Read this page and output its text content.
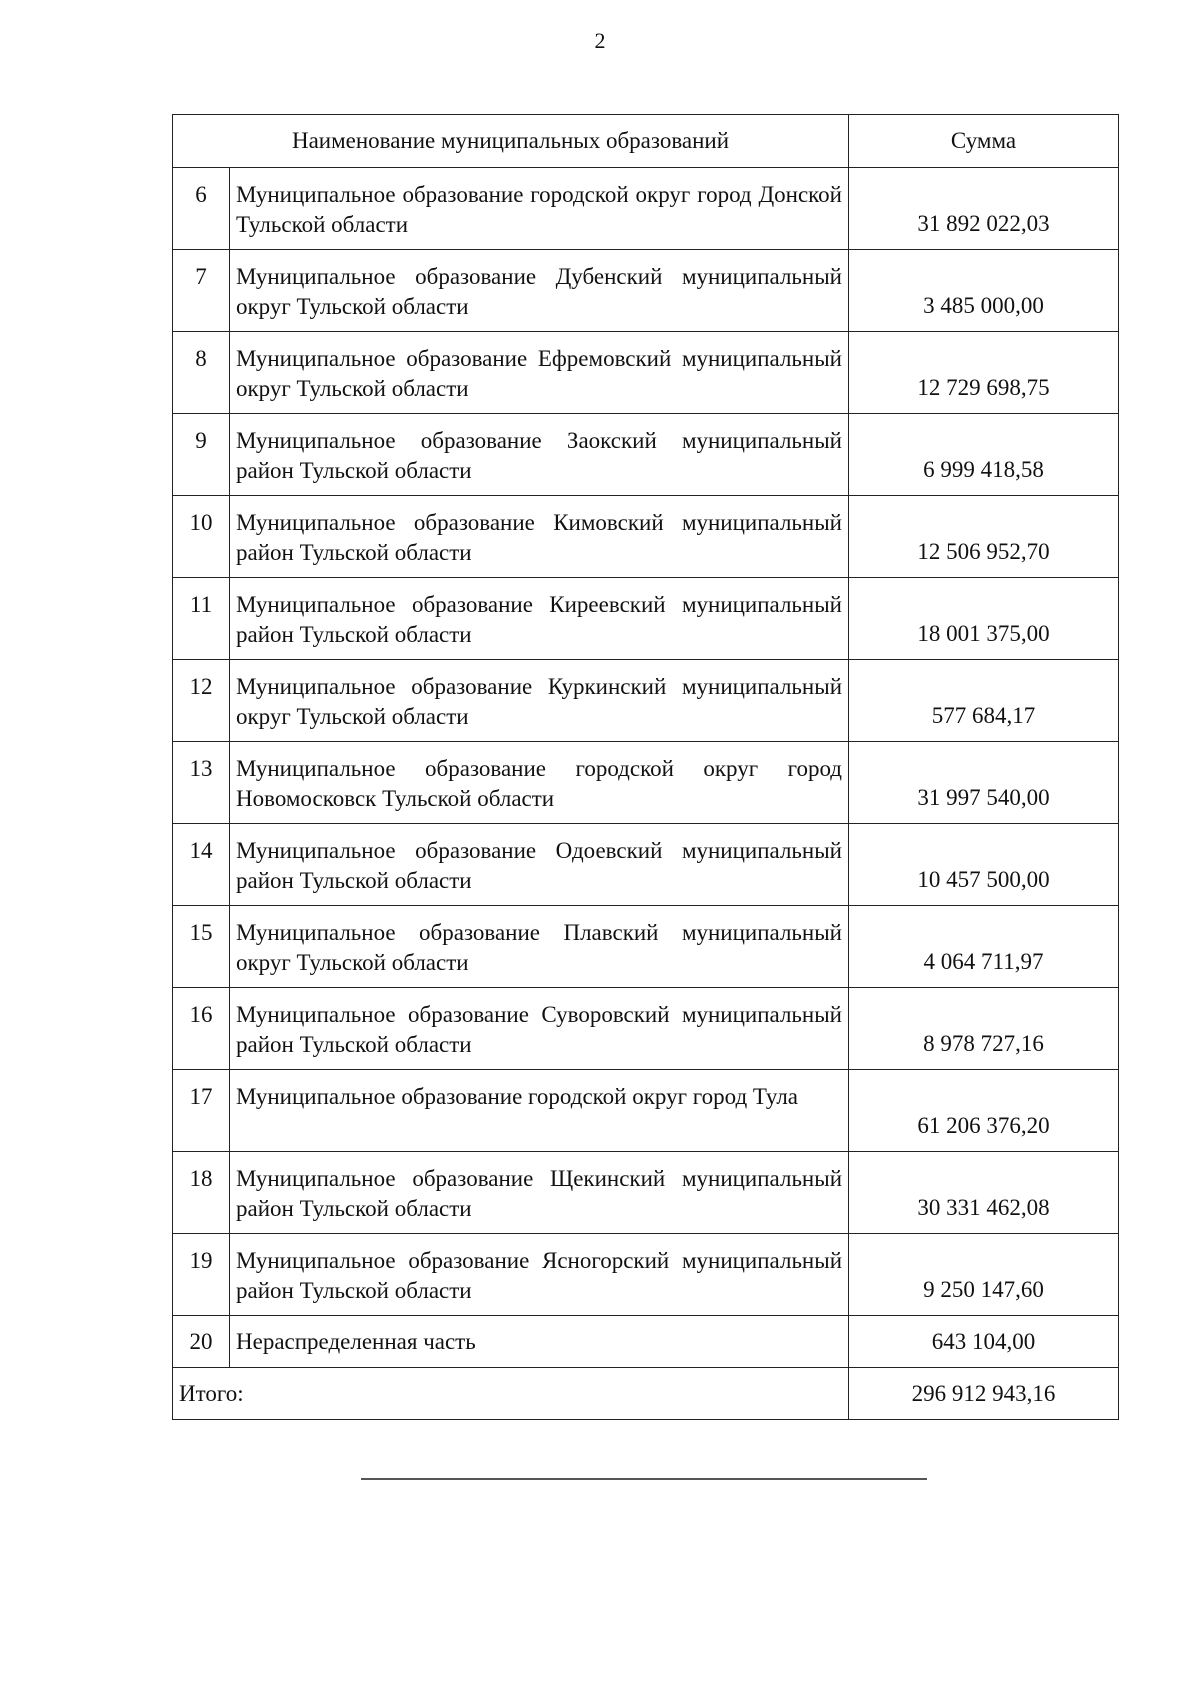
2
Наименование муниципальных образований		Сумма
6	Муниципальное образование городской округ город Донской Тульской области	31 892 022,03
7	Муниципальное образование Дубенский муниципальный округ Тульской области	3 485 000,00
8	Муниципальное образование Ефремовский муниципальный округ Тульской области	12 729 698,75
9	Муниципальное образование Заокский муниципальный район Тульской области	6 999 418,58
10	Муниципальное образование Кимовский муниципальный район Тульской области	12 506 952,70
11	Муниципальное образование Киреевский муниципальный район Тульской области	18 001 375,00
12	Муниципальное образование Куркинский муниципальный округ Тульской области	577 684,17
13	Муниципальное образование городской округ город Новомосковск Тульской области	31 997 540,00
14	Муниципальное образование Одоевский муниципальный район Тульской области	10 457 500,00
15	Муниципальное образование Плавский муниципальный округ Тульской области	4 064 711,97
16	Муниципальное образование Суворовский муниципальный район Тульской области	8 978 727,16
17	Муниципальное образование городской округ город Тула	61 206 376,20
18	Муниципальное образование Щекинский муниципальный район Тульской области	30 331 462,08
19	Муниципальное образование Ясногорский муниципальный район Тульской области	9 250 147,60
20	Нераспределенная часть	643 104,00
Итого:		296 912 943,16
